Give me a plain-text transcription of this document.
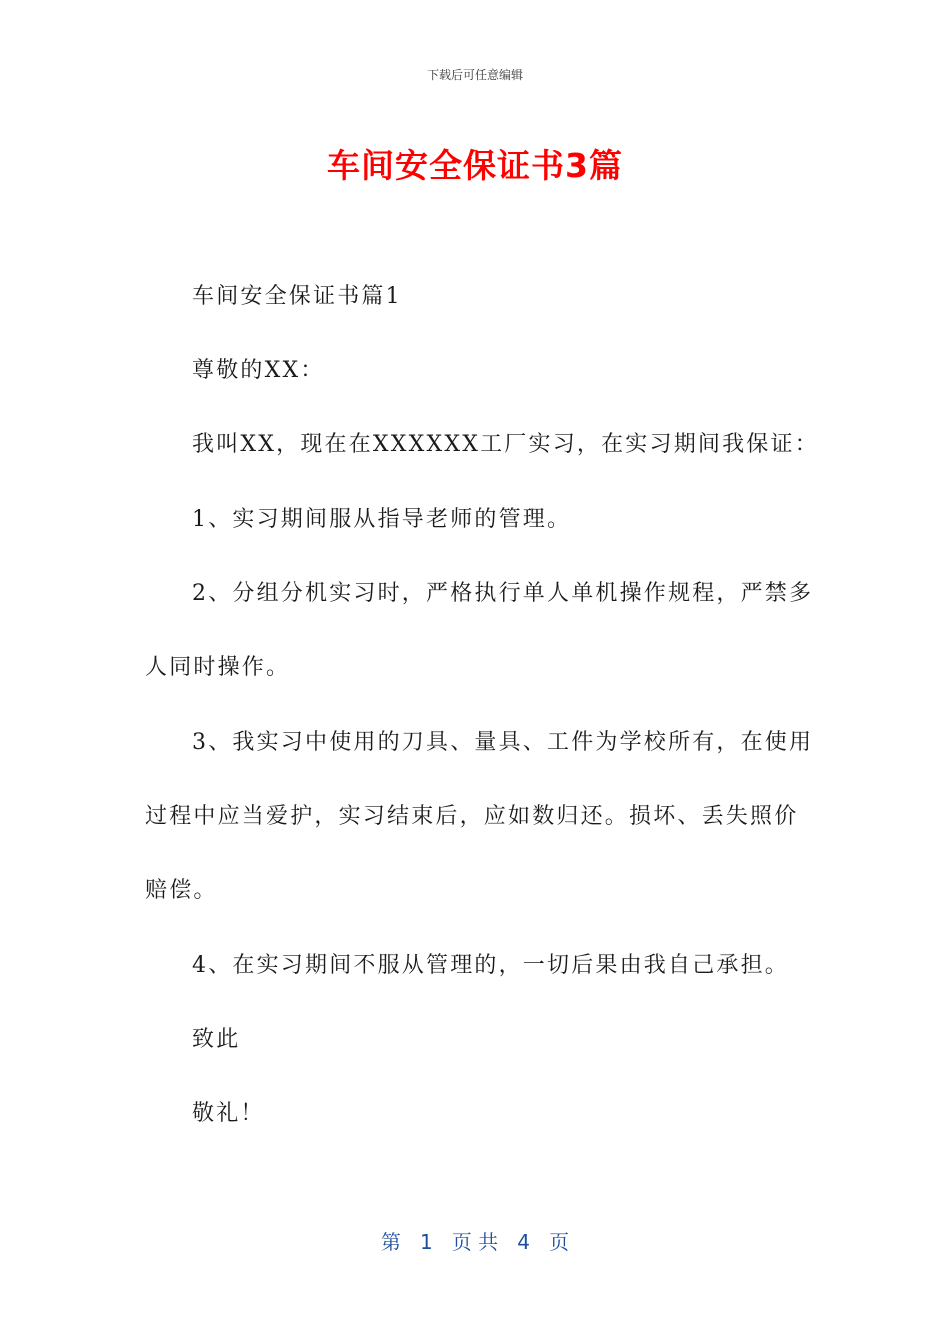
下载后可任意编辑
车间安全保证书3篇
车间安全保证书篇1
尊敬的XX：
我叫XX，现在在XXXXXX工厂实习，在实习期间我保证：
1、实习期间服从指导老师的管理。
2、分组分机实习时，严格执行单人单机操作规程，严禁多
人同时操作。
3、我实习中使用的刀具、量具、工件为学校所有，在使用
过程中应当爱护，实习结束后，应如数归还。损坏、丢失照价
赔偿。
4、在实习期间不服从管理的，一切后果由我自己承担。
致此
敬礼！
第 1 页 共 4 页
